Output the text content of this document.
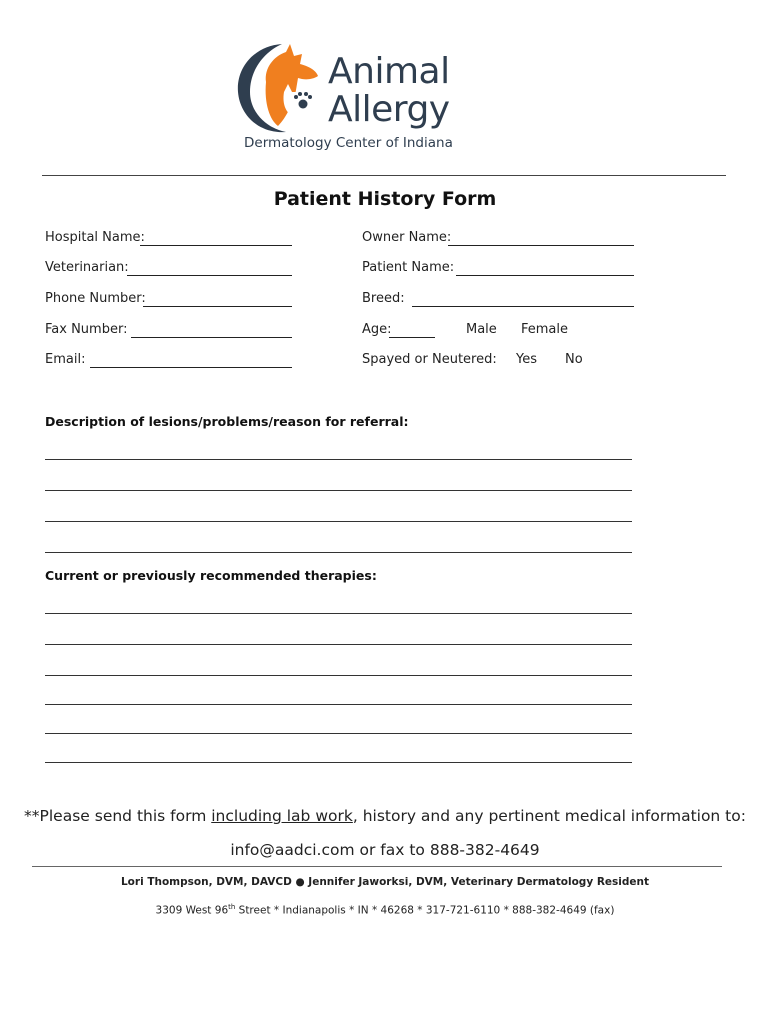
Animal
Allergy
Dermatology Center of Indiana
Patient History Form
Hospital Name:
Veterinarian:
Phone Number:
Fax Number:
Email:
Owner Name:
Patient Name:
Breed:
Age:	Male Female
Spayed or Neutered: Yes No
Description of lesions/problems/reason for referral:
Current or previously recommended therapies:
**Please send this form including lab work, history and any pertinent medical information to:
info@aadci.com or fax to 888-382-4649
Lori Thompson, DVM, DAVCD ● Jennifer Jaworksi, DVM, Veterinary Dermatology Resident
3309 West 96th Street * Indianapolis * IN * 46268 * 317-721-6110 * 888-382-4649 (fax)
